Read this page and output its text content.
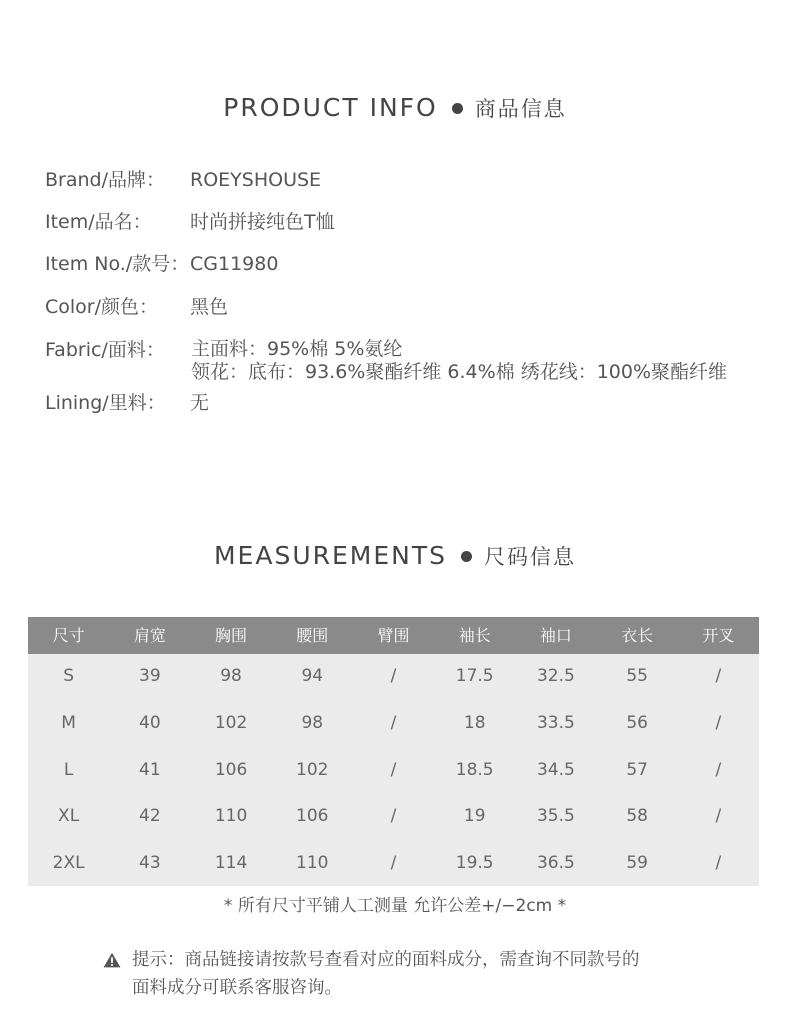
PRODUCT INFO 商品信息
Brand/品牌： ROEYSHOUSE
Item/品名： 时尚拼接纯色T恤
Item No./款号： CG11980
Color/颜色： 黑色
Fabric/面料： 主面料：95%棉 5%氨纶
领花：底布：93.6%聚酯纤维 6.4%棉 绣花线：100%聚酯纤维
Lining/里料： 无
MEASUREMENTS 尺码信息
尺寸	肩宽	胸围	腰围	臂围	袖长	袖口	衣长	开叉
S	39	98	94	/	17.5	32.5	55	/
M	40	102	98	/	18	33.5	56	/
L	41	106	102	/	18.5	34.5	57	/
XL	42	110	106	/	19	35.5	58	/
2XL	43	114	110	/	19.5	36.5	59	/
* 所有尺寸平铺人工测量 允许公差+/−2cm *
提示：商品链接请按款号查看对应的面料成分，需查询不同款号的
面料成分可联系客服咨询。
